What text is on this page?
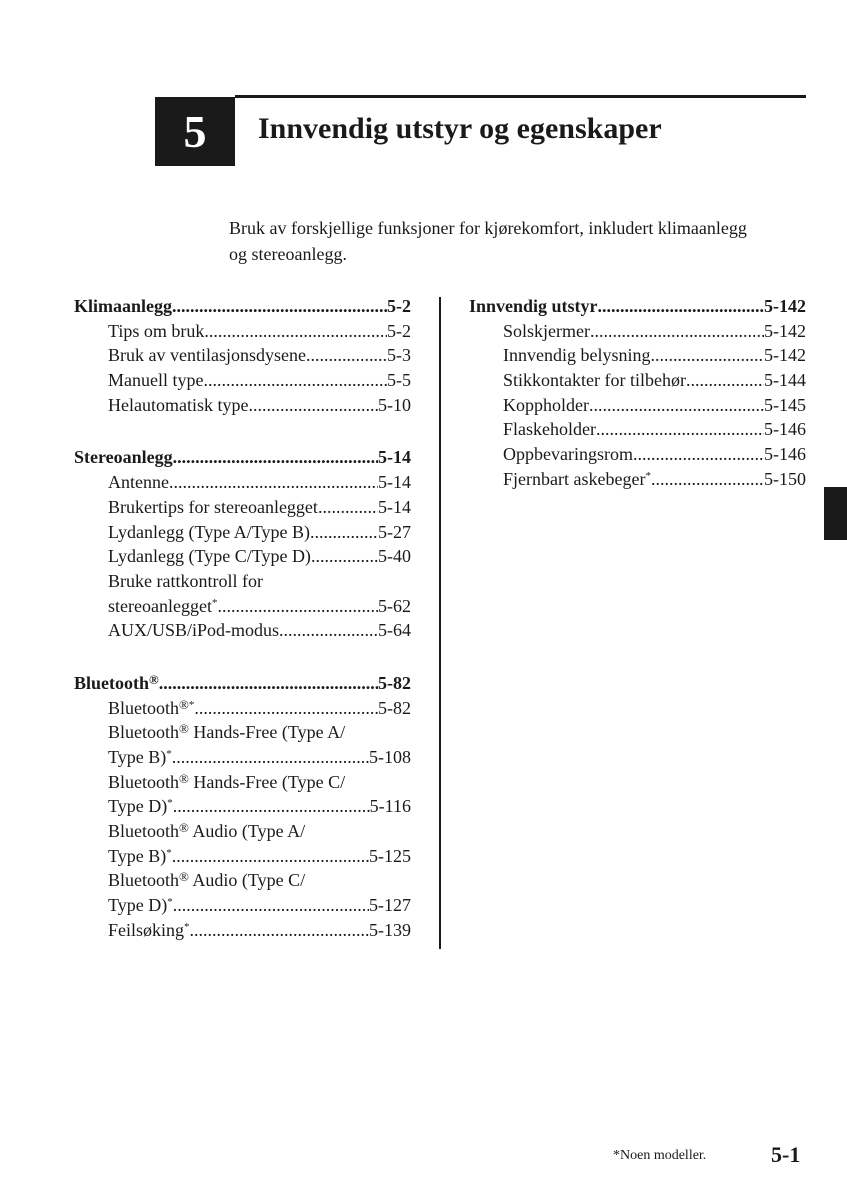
5	Innvendig utstyr og egenskaper
Bruk av forskjellige funksjoner for kjørekomfort, inkludert klimaanlegg og stereoanlegg.
Klimaanlegg .....	5-2
Tips om bruk .....	5-2
Bruk av ventilasjonsdysene .....	5-3
Manuell type .....	5-5
Helautomatisk type .....	5-10
Stereoanlegg .....	5-14
Antenne .....	5-14
Brukertips for stereoanlegget .....	5-14
Lydanlegg (Type A/Type B) .....	5-27
Lydanlegg (Type C/Type D) .....	5-40
Bruke rattkontroll for
stereoanlegget* .....	5-62
AUX/USB/iPod-modus .....	5-64
Bluetooth® .....	5-82
Bluetooth®* .....	5-82
Bluetooth® Hands-Free (Type A/
Type B)* .....	5-108
Bluetooth® Hands-Free (Type C/
Type D)* .....	5-116
Bluetooth® Audio (Type A/
Type B)* .....	5-125
Bluetooth® Audio (Type C/
Type D)* .....	5-127
Feilsøking* .....	5-139
Innvendig utstyr .....	5-142
Solskjermer .....	5-142
Innvendig belysning .....	5-142
Stikkontakter for tilbehør .....	5-144
Koppholder .....	5-145
Flaskeholder .....	5-146
Oppbevaringsrom .....	5-146
Fjernbart askebeger* .....	5-150
*Noen modeller.	5-1
